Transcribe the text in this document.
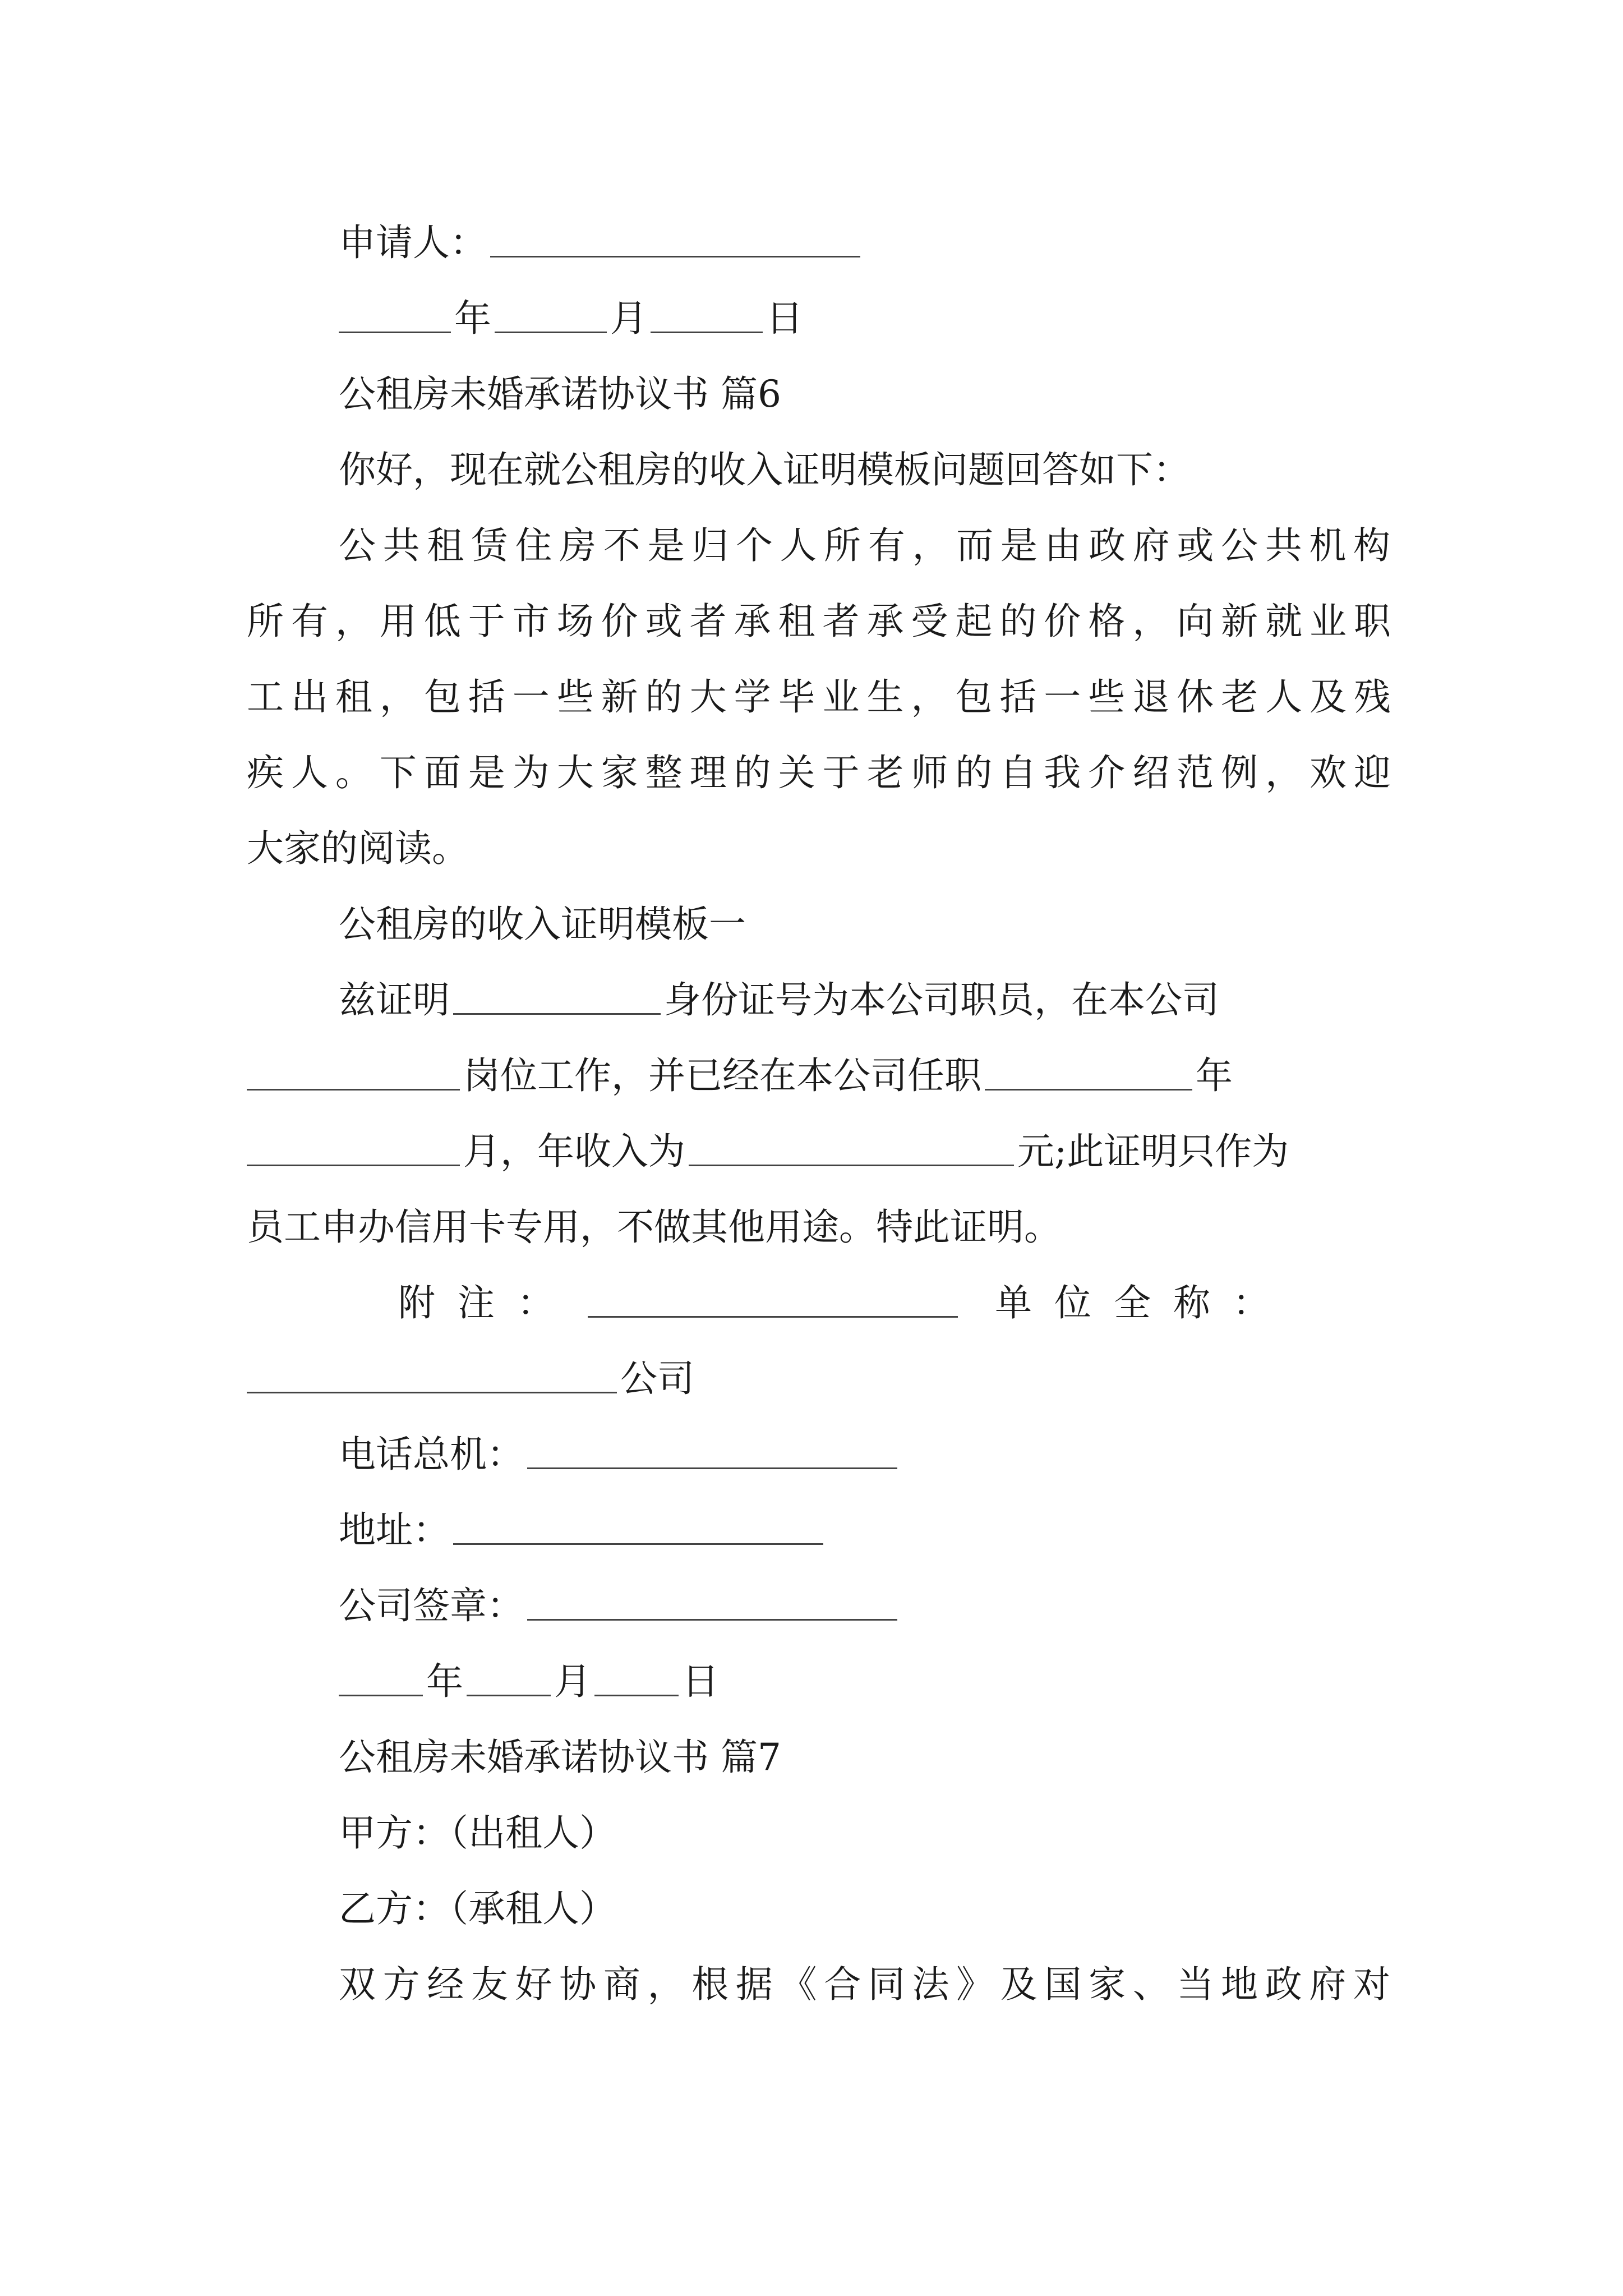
申请人：
年	月	日
公租房未婚承诺协议书 篇6
你好，现在就公租房的收入证明模板问题回答如下：
公共租赁住房不是归个人所有，而是由政府或公共机构
所有，用低于市场价或者承租者承受起的价格，向新就业职
工出租，包括一些新的大学毕业生，包括一些退休老人及残
疾人。下面是为大家整理的关于老师的自我介绍范例，欢迎
大家的阅读。
公租房的收入证明模板一
兹证明	身份证号为本公司职员，在本公司
岗位工作，并已经在本公司任职	年
月，年收入为	元;此证明只作为
员工申办信用卡专用，不做其他用途。特此证明。
附注：	单位全称：
公司
电话总机：
地址：
公司签章：
年 月 日
公租房未婚承诺协议书 篇7
甲方：（出租人）
乙方：（承租人）
双方经友好协商，根据《合同法》及国家、当地政府对
